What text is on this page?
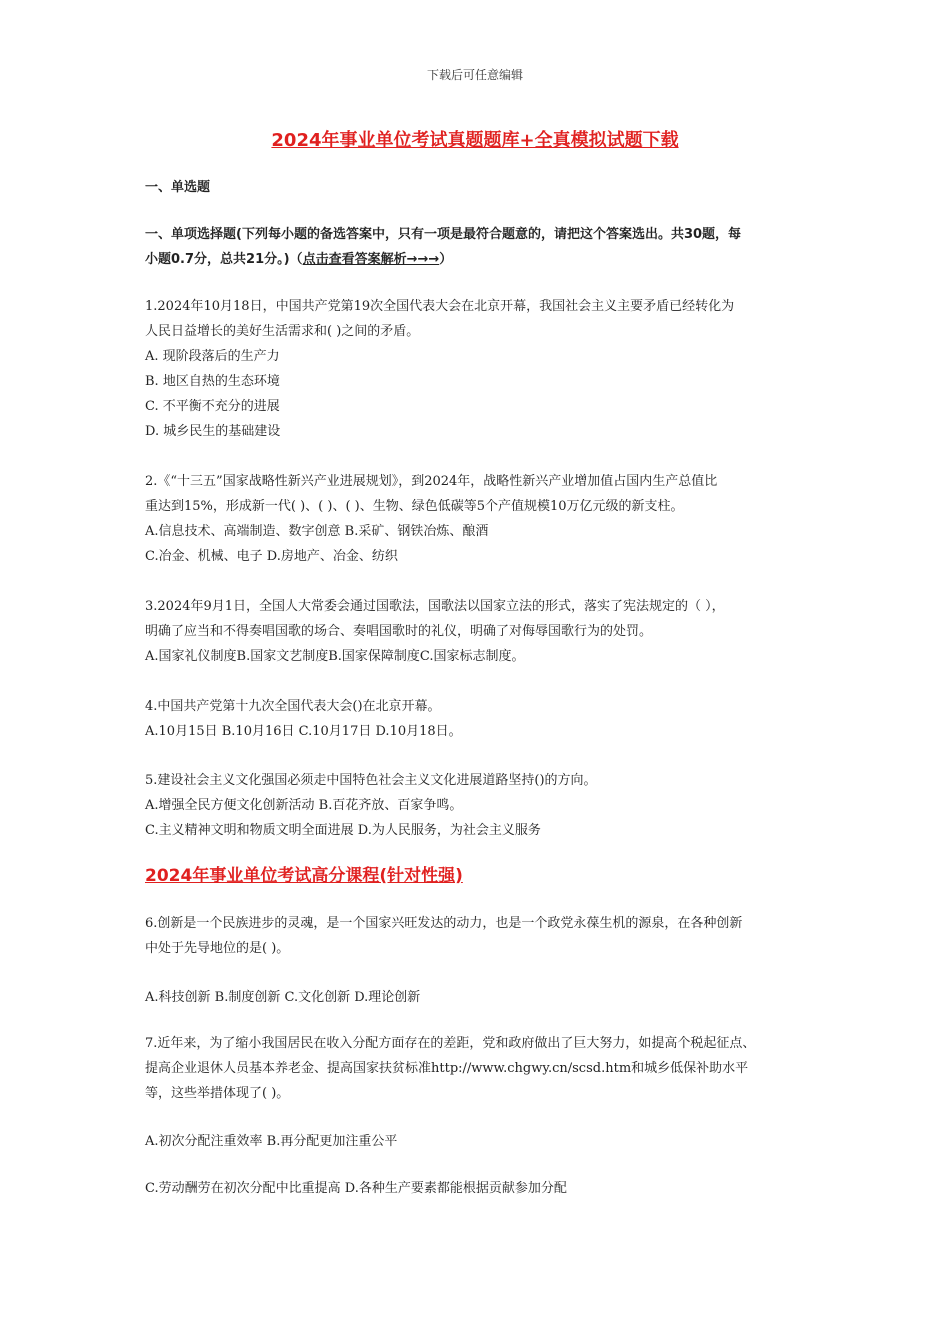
下载后可任意编辑
2024年事业单位考试真题题库+全真模拟试题下载
一、单选题
一、单项选择题(下列每小题的备选答案中，只有一项是最符合题意的，请把这个答案选出。共30题，每
小题0.7分，总共21分。)（点击查看答案解析→→→）
1.2024年10月18日，中国共产党第19次全国代表大会在北京开幕，我国社会主义主要矛盾已经转化为
人民日益增长的美好生活需求和( )之间的矛盾。
A. 现阶段落后的生产力
B. 地区自热的生态环境
C. 不平衡不充分的进展
D. 城乡民生的基础建设
2.《“十三五”国家战略性新兴产业进展规划》，到2024年，战略性新兴产业增加值占国内生产总值比
重达到15%，形成新一代( )、( )、( )、生物、绿色低碳等5个产值规模10万亿元级的新支柱。
A.信息技术、高端制造、数字创意 B.采矿、钢铁冶炼、酿酒
C.冶金、机械、电子 D.房地产、冶金、纺织
3.2024年9月1日，全国人大常委会通过国歌法，国歌法以国家立法的形式，落实了宪法规定的（ ），
明确了应当和不得奏唱国歌的场合、奏唱国歌时的礼仪，明确了对侮辱国歌行为的处罚。
A.国家礼仪制度B.国家文艺制度B.国家保障制度C.国家标志制度。
4.中国共产党第十九次全国代表大会()在北京开幕。
A.10月15日 B.10月16日 C.10月17日 D.10月18日。
5.建设社会主义文化强国必须走中国特色社会主义文化进展道路坚持()的方向。
A.增强全民方便文化创新活动 B.百花齐放、百家争鸣。
C.主义精神文明和物质文明全面进展 D.为人民服务，为社会主义服务
2024年事业单位考试高分课程(针对性强)
6.创新是一个民族进步的灵魂，是一个国家兴旺发达的动力，也是一个政党永葆生机的源泉，在各种创新
中处于先导地位的是( )。
A.科技创新 B.制度创新 C.文化创新 D.理论创新
7.近年来，为了缩小我国居民在收入分配方面存在的差距，党和政府做出了巨大努力，如提高个税起征点、
提高企业退休人员基本养老金、提高国家扶贫标准http://www.chgwy.cn/scsd.htm和城乡低保补助水平
等，这些举措体现了( )。
A.初次分配注重效率 B.再分配更加注重公平
C.劳动酬劳在初次分配中比重提高 D.各种生产要素都能根据贡献参加分配
